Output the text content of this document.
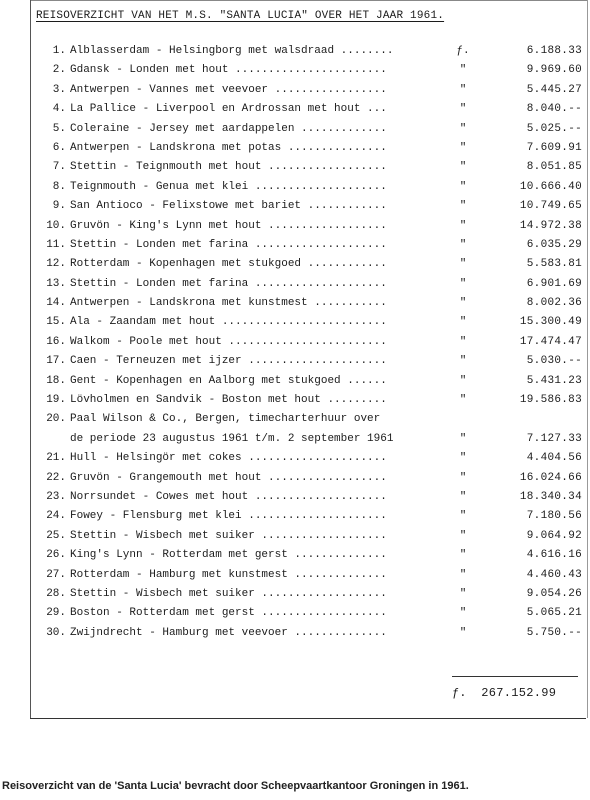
REISOVERZICHT VAN HET M.S. "SANTA LUCIA" OVER HET JAAR 1961.
1. Alblasserdam - Helsingborg met walsdraad ........	ƒ.	6.188.33
2. Gdansk - Londen met hout .......................	"	9.969.60
3. Antwerpen - Vannes met veevoer .................	"	5.445.27
4. La Pallice - Liverpool en Ardrossan met hout ...	"	8.040.--
5. Coleraine - Jersey met aardappelen .............	"	5.025.--
6. Antwerpen - Landskrona met potas ...............	"	7.609.91
7. Stettin - Teignmouth met hout ..................	"	8.051.85
8. Teignmouth - Genua met klei ....................	"	10.666.40
9. San Antioco - Felixstowe met bariet ............	"	10.749.65
10. Gruvön - King's Lynn met hout ..................	"	14.972.38
11. Stettin - Londen met farina ....................	"	6.035.29
12. Rotterdam - Kopenhagen met stukgoed ............	"	5.583.81
13. Stettin - Londen met farina ....................	"	6.901.69
14. Antwerpen - Landskrona met kunstmest ...........	"	8.002.36
15. Ala - Zaandam met hout .........................	"	15.300.49
16. Walkom - Poole met hout ........................	"	17.474.47
17. Caen - Terneuzen met ijzer .....................	"	5.030.--
18. Gent - Kopenhagen en Aalborg met stukgoed ......	"	5.431.23
19. Lövholmen en Sandvik - Boston met hout .........	"	19.586.83
20. Paal Wilson & Co., Bergen, timecharterhuur over
de periode 23 augustus 1961 t/m. 2 september 1961	"	7.127.33
21. Hull - Helsingör met cokes .....................	"	4.404.56
22. Gruvön - Grangemouth met hout ..................	"	16.024.66
23. Norrsundet - Cowes met hout ....................	"	18.340.34
24. Fowey - Flensburg met klei .....................	"	7.180.56
25. Stettin - Wisbech met suiker ...................	"	9.064.92
26. King's Lynn - Rotterdam met gerst ..............	"	4.616.16
27. Rotterdam - Hamburg met kunstmest ..............	"	4.460.43
28. Stettin - Wisbech met suiker ...................	"	9.054.26
29. Boston - Rotterdam met gerst ...................	"	5.065.21
30. Zwijndrecht - Hamburg met veevoer ..............	"	5.750.--
ƒ. 267.152.99
Reisoverzicht van de 'Santa Lucia' bevracht door Scheepvaartkantoor Groningen in 1961.
